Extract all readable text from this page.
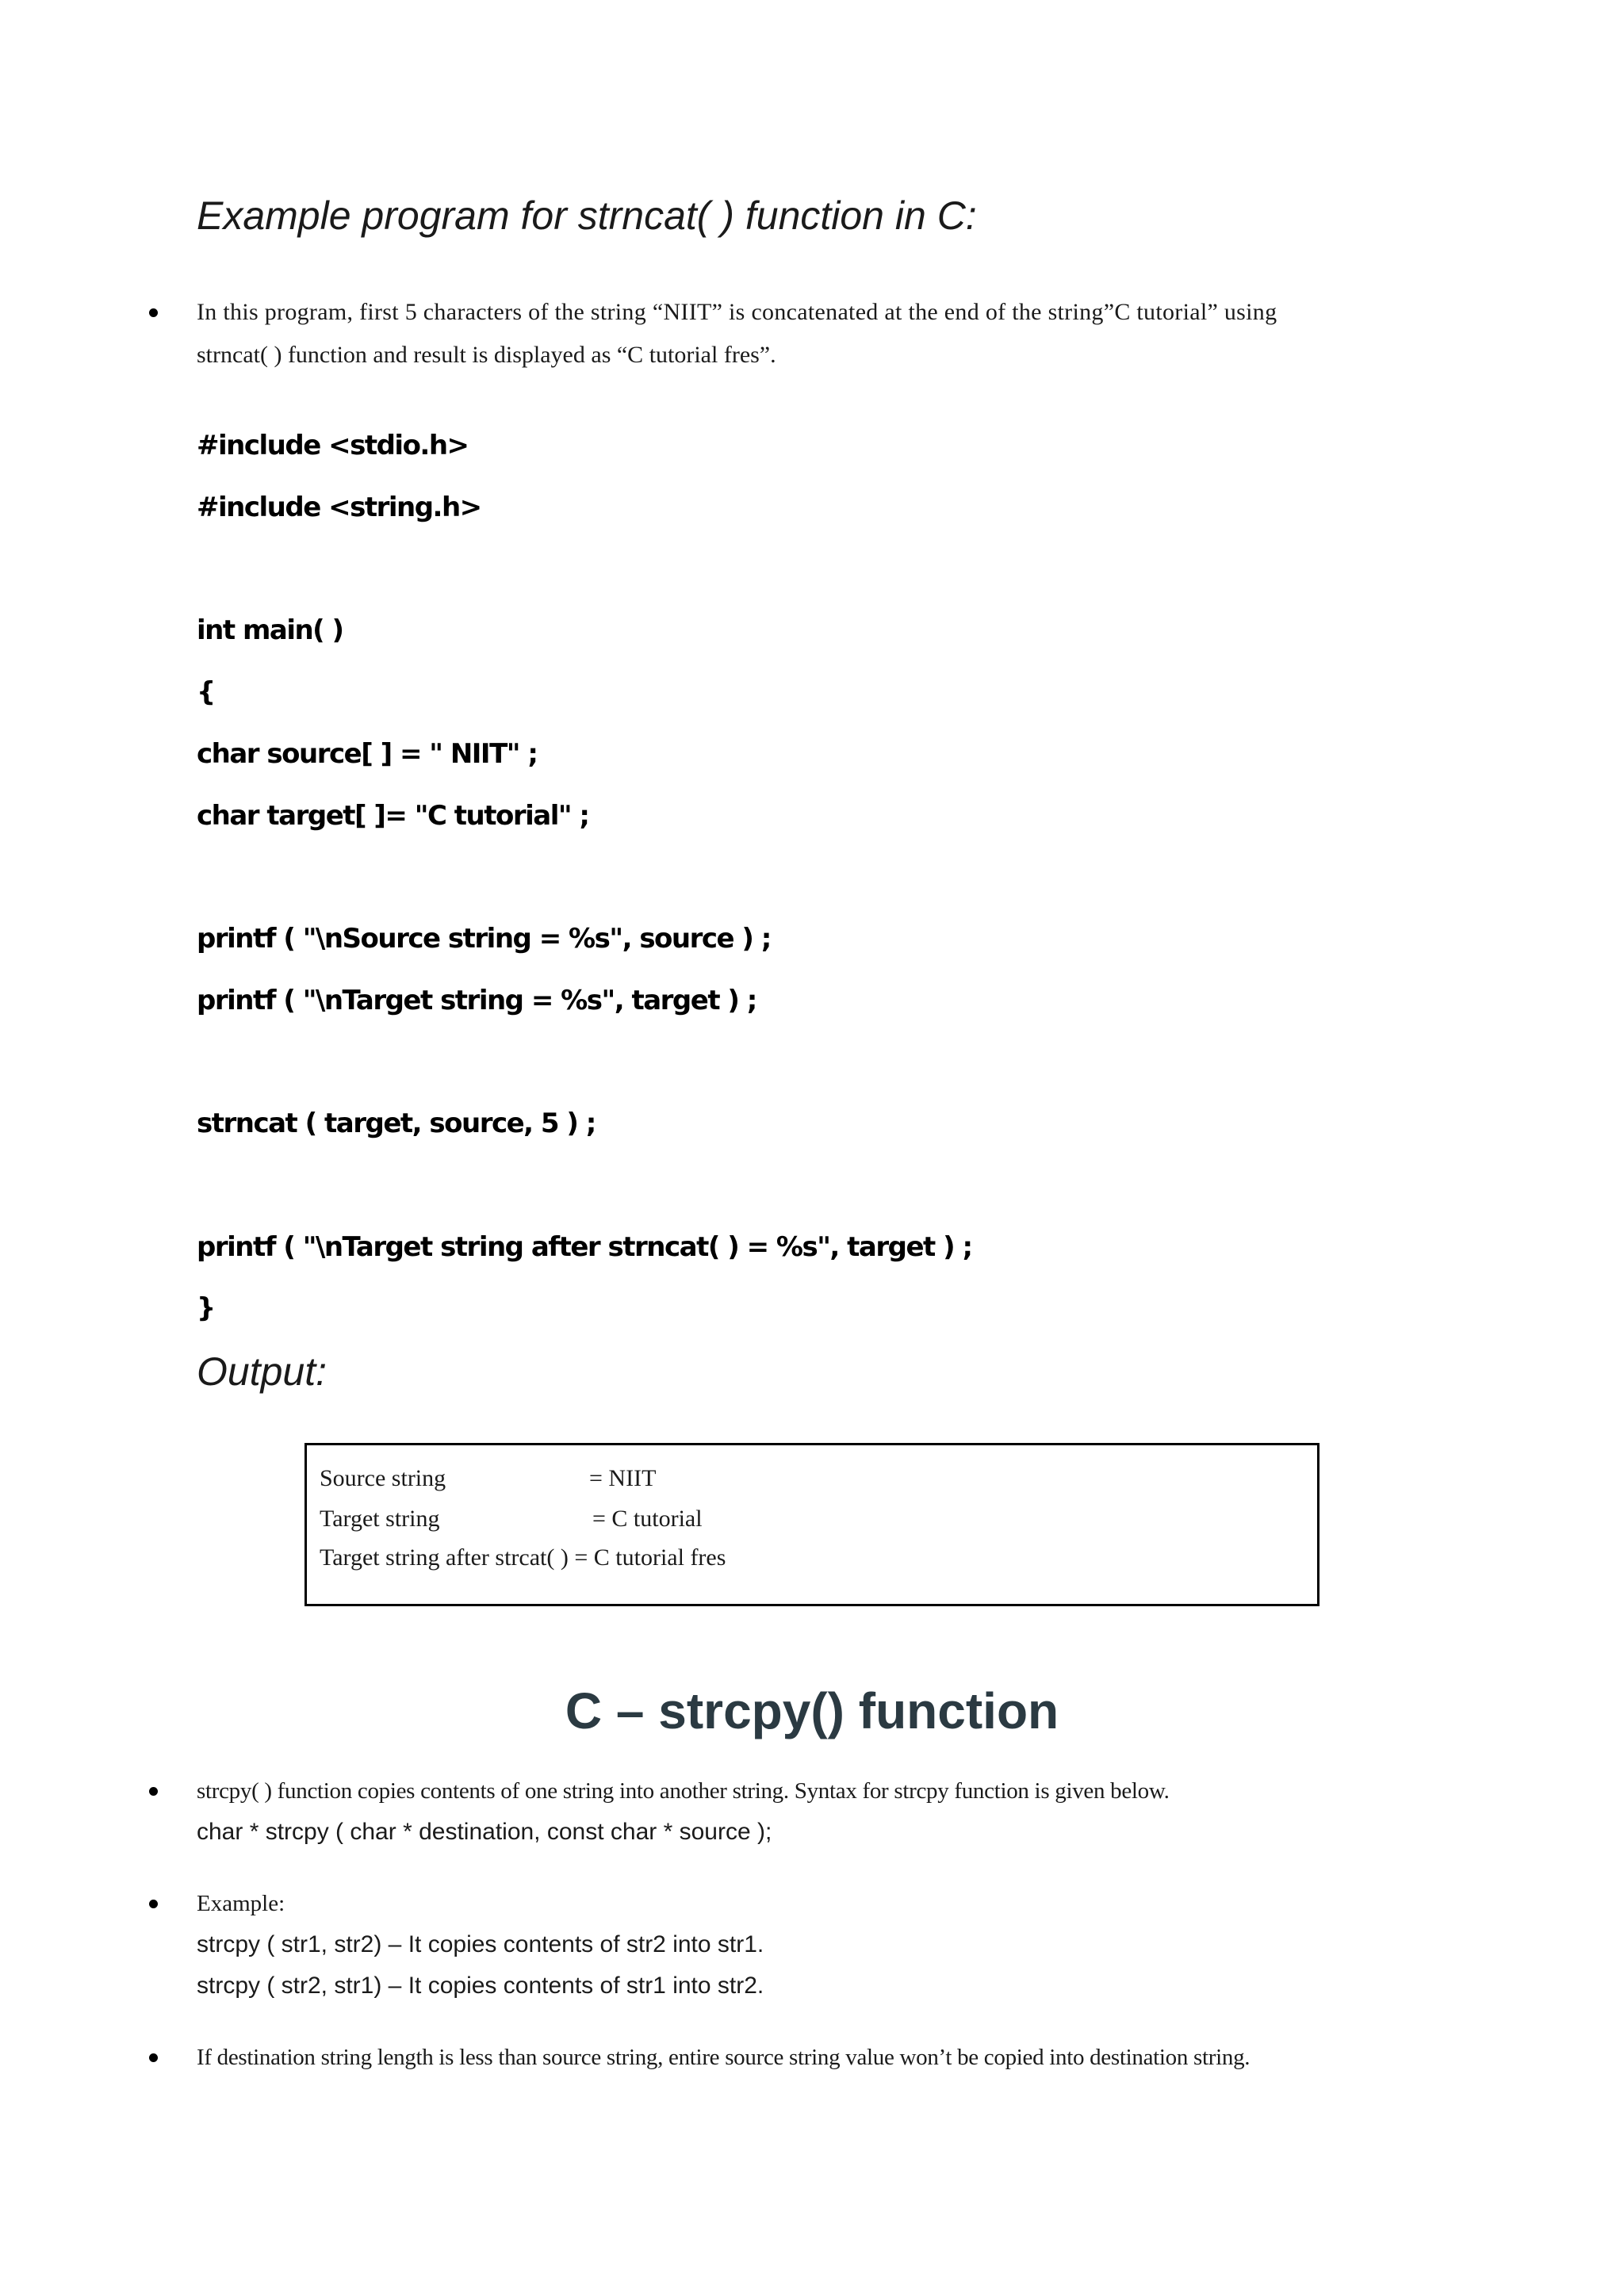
Example program for strncat( ) function in C:
In this program, first 5 characters of the string “NIIT” is concatenated at the end of the string”C tutorial” using
strncat( ) function and result is displayed as “C tutorial fres”.
#include <stdio.h>
#include <string.h>
int main( )
{
char source[ ] = " NIIT" ;
char target[ ]= "C tutorial" ;
printf ( "\nSource string = %s", source ) ;
printf ( "\nTarget string = %s", target ) ;
strncat ( target, source, 5 ) ;
printf ( "\nTarget string after strncat( ) = %s", target ) ;
}
Output:
Source string	= NIIT
Target string	= C tutorial
Target string after strcat( ) = C tutorial fres
C – strcpy() function
strcpy( ) function copies contents of one string into another string. Syntax for strcpy function is given below.
char * strcpy ( char * destination, const char * source );
Example:
strcpy ( str1, str2) – It copies contents of str2 into str1.
strcpy ( str2, str1) – It copies contents of str1 into str2.
If destination string length is less than source string, entire source string value won’t be copied into destination string.
